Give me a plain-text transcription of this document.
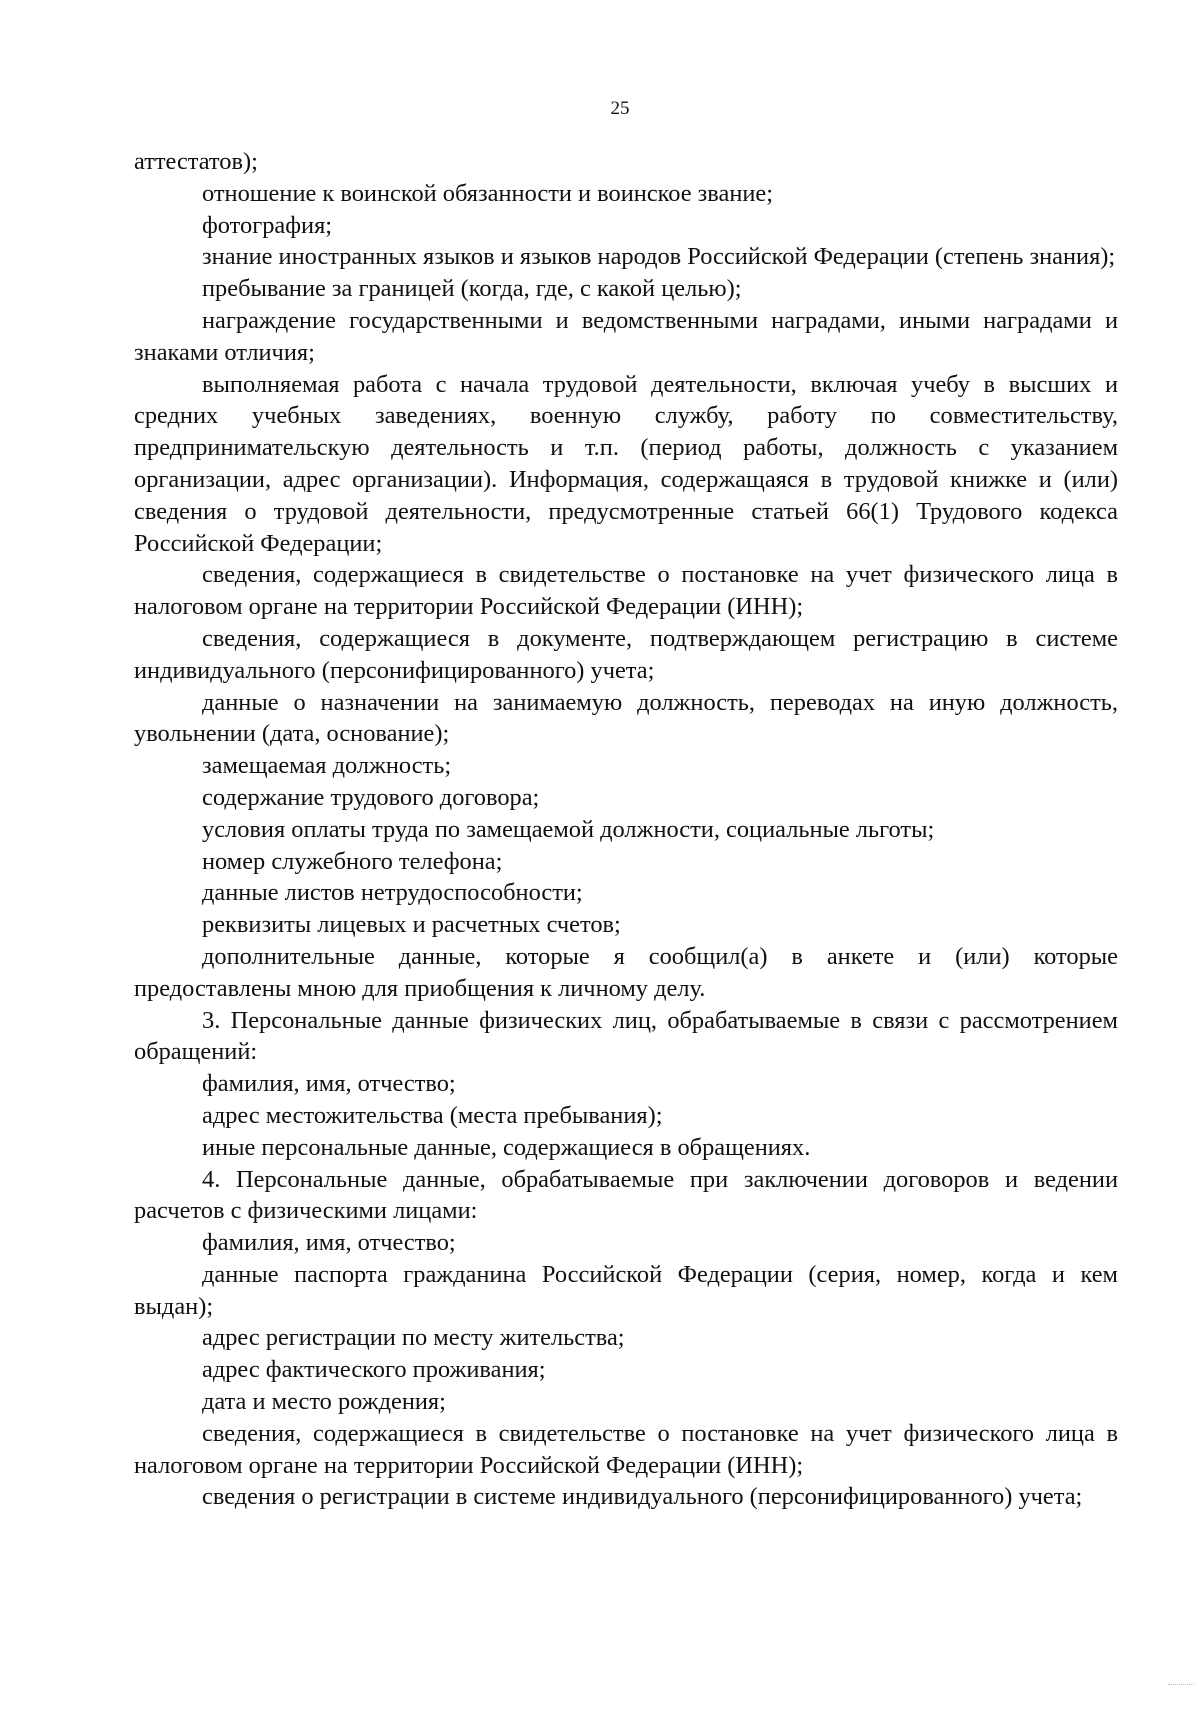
25

аттестатов);

отношение к воинской обязанности и воинское звание;

фотография;

знание иностранных языков и языков народов Российской Федерации (степень знания);

пребывание за границей (когда, где, с какой целью);

награждение государственными и ведомственными наградами, иными наградами и знаками отличия;

выполняемая работа с начала трудовой деятельности, включая учебу в высших и средних учебных заведениях, военную службу, работу по совместительству, предпринимательскую деятельность и т.п. (период работы, должность с указанием организации, адрес организации). Информация, содержащаяся в трудовой книжке и (или) сведения о трудовой деятельности, предусмотренные статьей 66(1) Трудового кодекса Российской Федерации;

сведения, содержащиеся в свидетельстве о постановке на учет физического лица в налоговом органе на территории Российской Федерации (ИНН);

сведения, содержащиеся в документе, подтверждающем регистрацию в системе индивидуального (персонифицированного) учета;

данные о назначении на занимаемую должность, переводах на иную должность, увольнении (дата, основание);

замещаемая должность;

содержание трудового договора;

условия оплаты труда по замещаемой должности, социальные льготы;

номер служебного телефона;

данные листов нетрудоспособности;

реквизиты лицевых и расчетных счетов;

дополнительные данные, которые я сообщил(а) в анкете и (или) которые предоставлены мною для приобщения к личному делу.

3. Персональные данные физических лиц, обрабатываемые в связи с рассмотрением обращений:

фамилия, имя, отчество;

адрес местожительства (места пребывания);

иные персональные данные, содержащиеся в обращениях.

4. Персональные данные, обрабатываемые при заключении договоров и ведении расчетов с физическими лицами:

фамилия, имя, отчество;

данные паспорта гражданина Российской Федерации (серия, номер, когда и кем выдан);

адрес регистрации по месту жительства;

адрес фактического проживания;

дата и место рождения;

сведения, содержащиеся в свидетельстве о постановке на учет физического лица в налоговом органе на территории Российской Федерации (ИНН);

сведения о регистрации в системе индивидуального (персонифицированного) учета;
